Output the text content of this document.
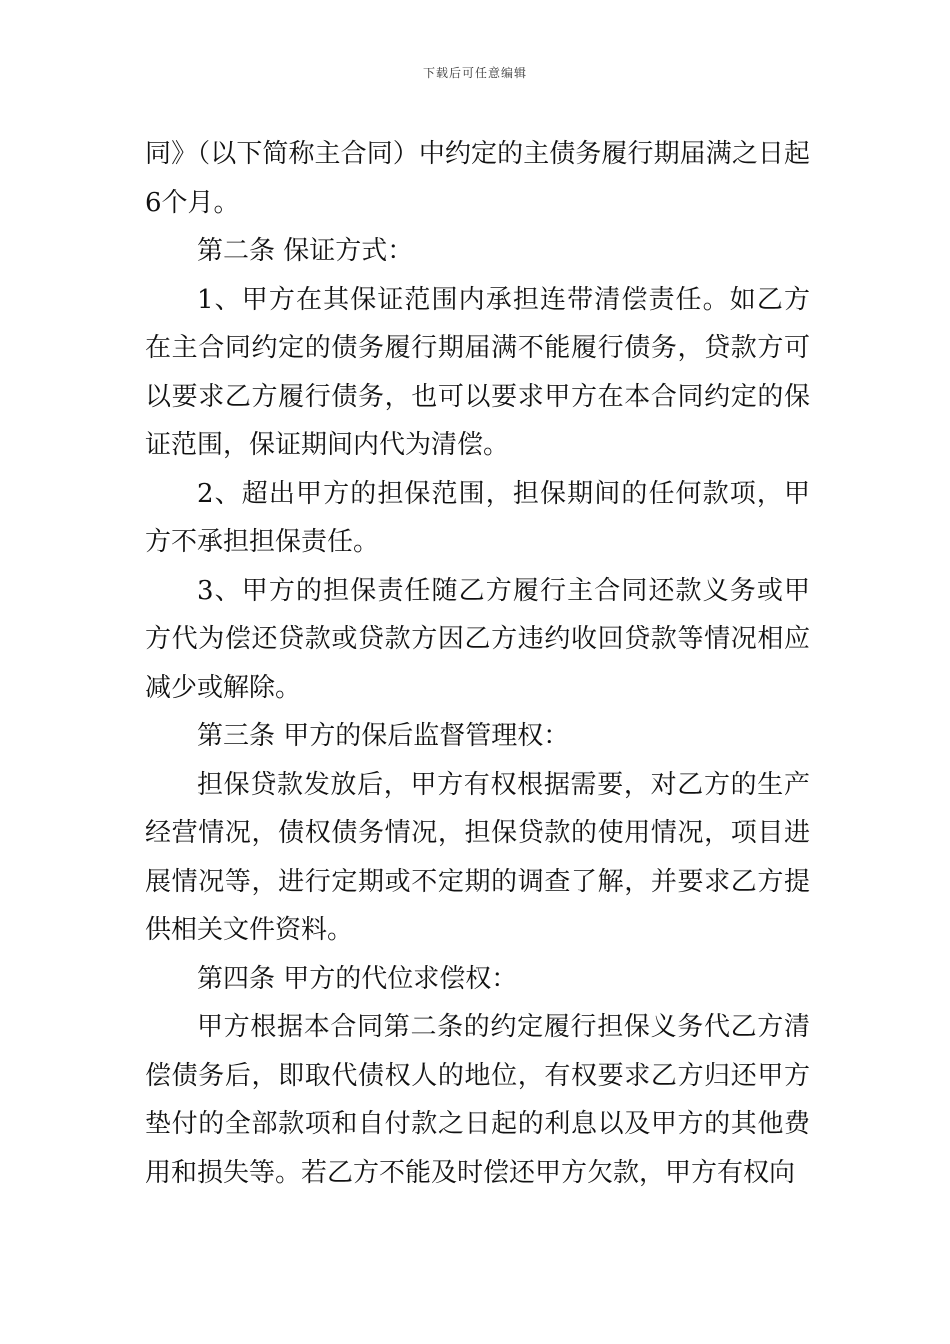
下载后可任意编辑

同》（以下简称主合同）中约定的主债务履行期届满之日起6个月。

第二条 保证方式：

1、甲方在其保证范围内承担连带清偿责任。如乙方在主合同约定的债务履行期届满不能履行债务，贷款方可以要求乙方履行债务，也可以要求甲方在本合同约定的保证范围，保证期间内代为清偿。

2、超出甲方的担保范围，担保期间的任何款项，甲方不承担担保责任。

3、甲方的担保责任随乙方履行主合同还款义务或甲方代为偿还贷款或贷款方因乙方违约收回贷款等情况相应减少或解除。

第三条 甲方的保后监督管理权：

担保贷款发放后，甲方有权根据需要，对乙方的生产经营情况，债权债务情况，担保贷款的使用情况，项目进展情况等，进行定期或不定期的调查了解，并要求乙方提供相关文件资料。

第四条 甲方的代位求偿权：

甲方根据本合同第二条的约定履行担保义务代乙方清偿债务后，即取代债权人的地位，有权要求乙方归还甲方垫付的全部款项和自付款之日起的利息以及甲方的其他费用和损失等。若乙方不能及时偿还甲方欠款，甲方有权向
